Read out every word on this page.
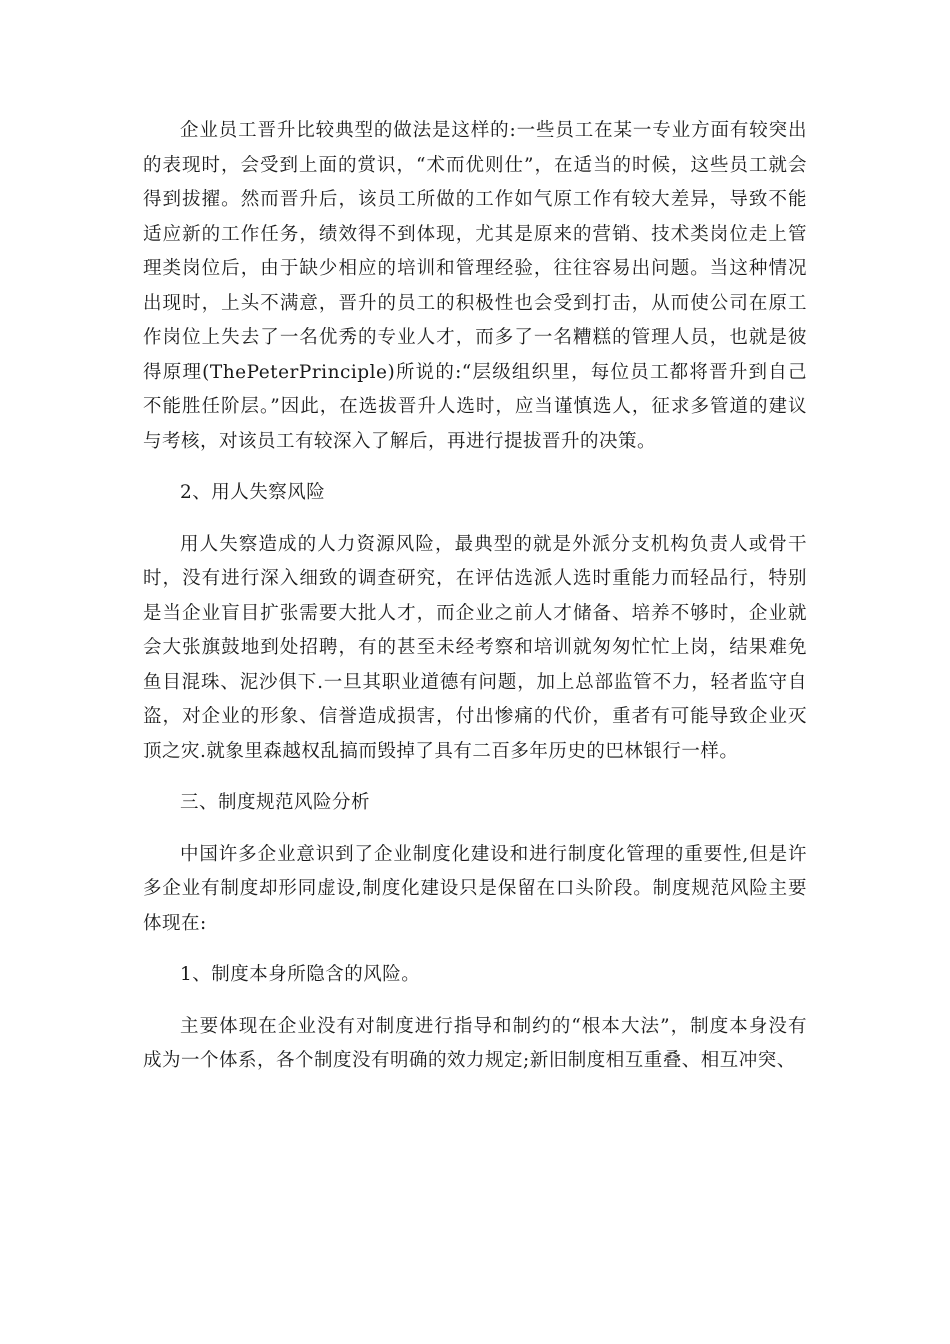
企业员工晋升比较典型的做法是这样的:一些员工在某一专业方面有较突出的表现时，会受到上面的赏识，“术而优则仕”，在适当的时候，这些员工就会得到拔擢。然而晋升后，该员工所做的工作如气原工作有较大差异，导致不能适应新的工作任务，绩效得不到体现，尤其是原来的营销、技术类岗位走上管理类岗位后，由于缺少相应的培训和管理经验，往往容易出问题。当这种情况出现时，上头不满意，晋升的员工的积极性也会受到打击，从而使公司在原工作岗位上失去了一名优秀的专业人才，而多了一名糟糕的管理人员，也就是彼得原理(ThePeterPrinciple)所说的:“层级组织里，每位员工都将晋升到自己不能胜任阶层。”因此，在选拔晋升人选时，应当谨慎选人，征求多管道的建议与考核，对该员工有较深入了解后，再进行提拔晋升的决策。

2、用人失察风险

用人失察造成的人力资源风险，最典型的就是外派分支机构负责人或骨干时，没有进行深入细致的调查研究，在评估选派人选时重能力而轻品行，特别是当企业盲目扩张需要大批人才，而企业之前人才储备、培养不够时，企业就会大张旗鼓地到处招聘，有的甚至未经考察和培训就匆匆忙忙上岗，结果难免鱼目混珠、泥沙俱下.一旦其职业道德有问题，加上总部监管不力，轻者监守自盗，对企业的形象、信誉造成损害，付出惨痛的代价，重者有可能导致企业灭顶之灾.就象里森越权乱搞而毁掉了具有二百多年历史的巴林银行一样。

三、制度规范风险分析

中国许多企业意识到了企业制度化建设和进行制度化管理的重要性,但是许多企业有制度却形同虚设,制度化建设只是保留在口头阶段。制度规范风险主要体现在:

1、制度本身所隐含的风险。

主要体现在企业没有对制度进行指导和制约的“根本大法”，制度本身没有成为一个体系，各个制度没有明确的效力规定;新旧制度相互重叠、相互冲突、
